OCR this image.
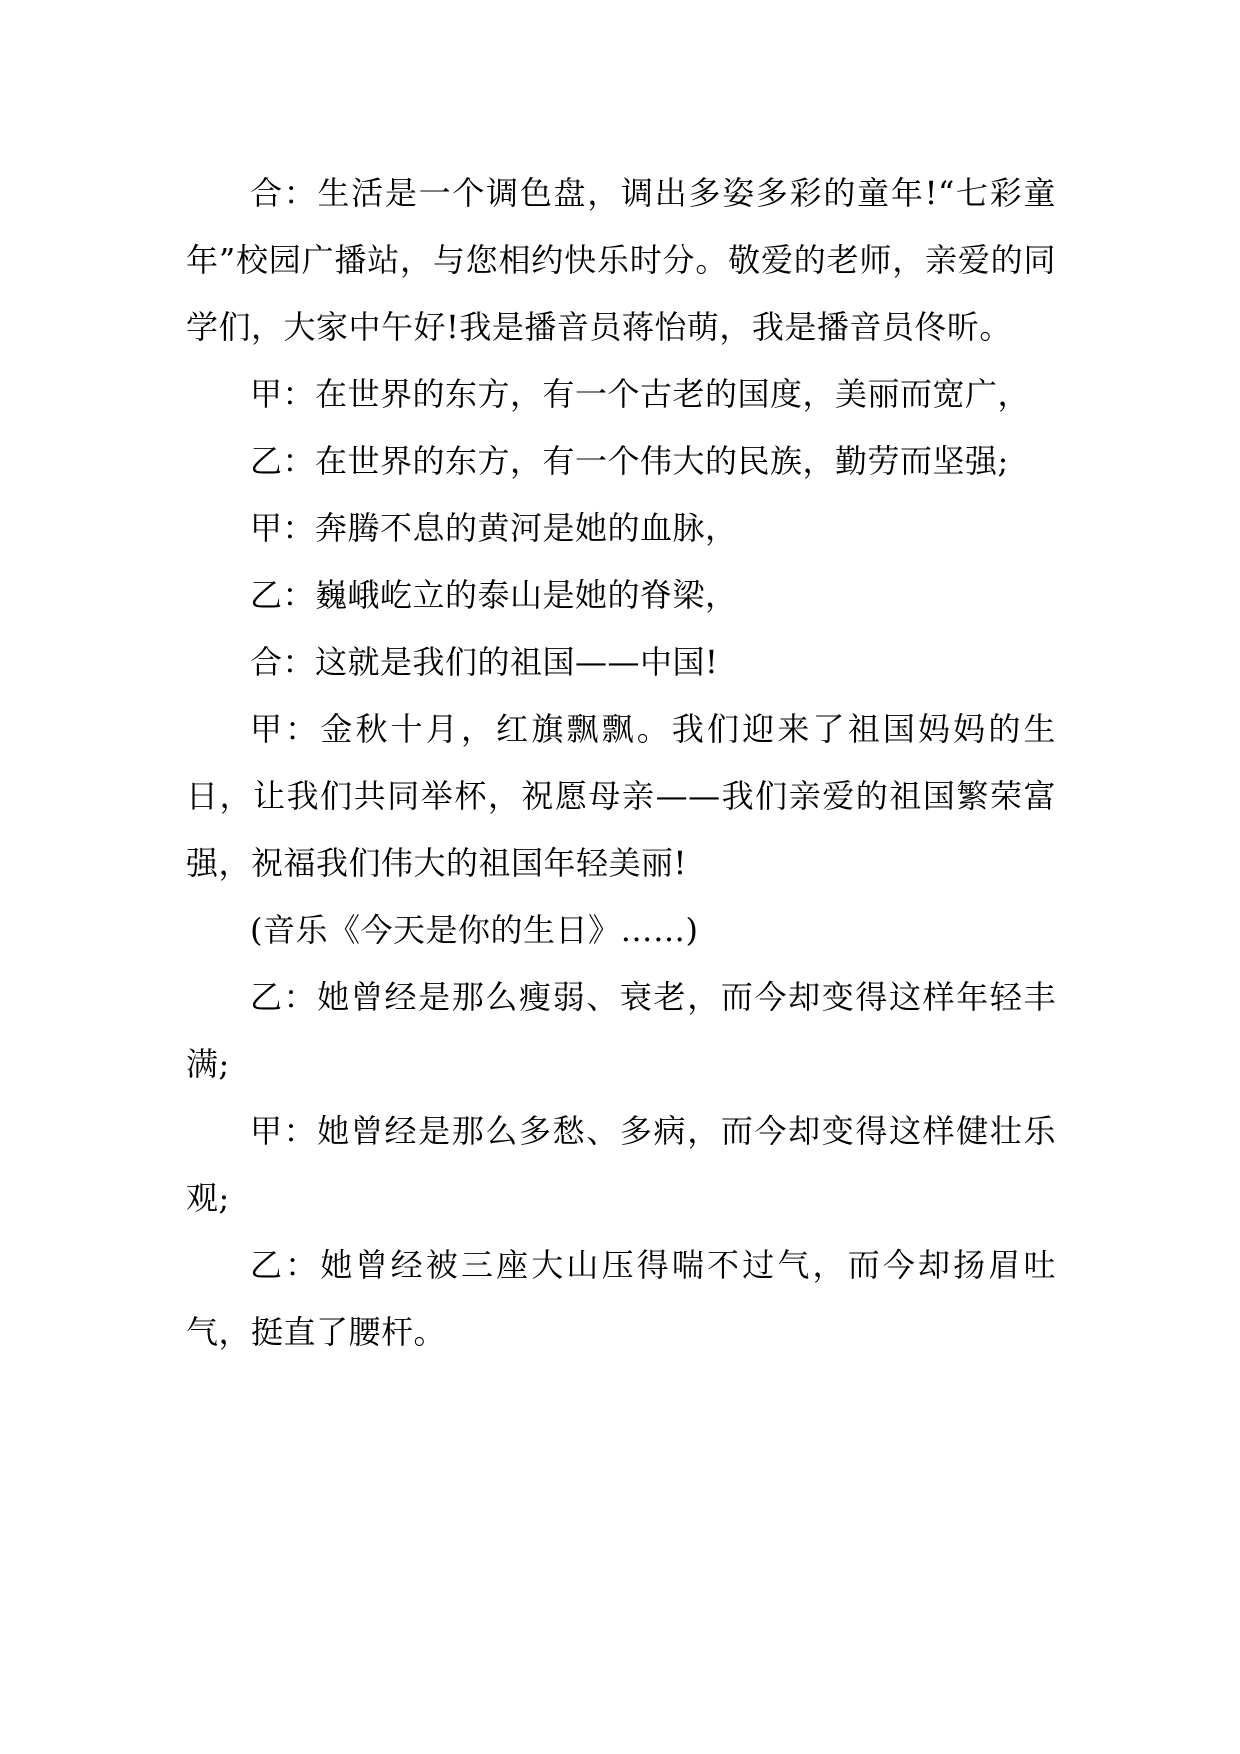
合：生活是一个调色盘，调出多姿多彩的童年!“七彩童年”校园广播站，与您相约快乐时分。敬爱的老师，亲爱的同学们，大家中午好!我是播音员蒋怡萌，我是播音员佟昕。

甲：在世界的东方，有一个古老的国度，美丽而宽广，

乙：在世界的东方，有一个伟大的民族，勤劳而坚强;

甲：奔腾不息的黄河是她的血脉，

乙：巍峨屹立的泰山是她的脊梁，

合：这就是我们的祖国——中国!

甲：金秋十月，红旗飘飘。我们迎来了祖国妈妈的生日，让我们共同举杯，祝愿母亲——我们亲爱的祖国繁荣富强，祝福我们伟大的祖国年轻美丽!

(音乐《今天是你的生日》……)

乙：她曾经是那么瘦弱、衰老，而今却变得这样年轻丰满;

甲：她曾经是那么多愁、多病，而今却变得这样健壮乐观;

乙：她曾经被三座大山压得喘不过气，而今却扬眉吐气，挺直了腰杆。
